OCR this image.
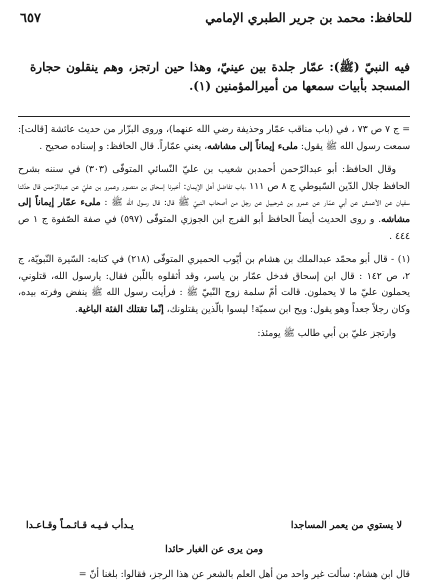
للحافظ: محمد بن جرير الطبري الإمامي
٦٥٧
فيه النبيّ (ﷺ): عمّار جلدة بين عينيّ، وهذا حين ارتجز، وهم ينقلون حجارة المسجد بأبيات سمعها من أميرالمؤمنين (١).

= ج ٧ ص ٧٣ ، في (باب مناقب عمّار وحذيفة رضي الله عنهما)، وروى البزّار من حديث عائشة [قالت]: سمعت رسول الله ﷺ يقول: ملىء إيماناً إلى مشاشه، يعني عمّاراً. قال الحافظ: و إسناده صحيح .

وقال الحافظ: أبو عبدالرّحمن أحمدبن شعيب بن عليّ النّسائي المتوفّى (٣٠٣) في سننه بشرح الحافظ جلال الدّين السّيوطي ج ٨ ص ١١١ ،باب تفاضل أهل الإيمان: أخبرنا إسحاق بن منصور وعمرو بن عليّ عن عبدالرّحمن قال حدّثنا سفيان عن الأعمش عن أبي عمّار عن عمرو بن شرحبيل عن رجل من أصحاب النبيّ ﷺ قال: قال رسول الله ﷺ : ملىء عمّار إيماناً إلى مشاشه. و روى الحديث أيضاً الحافظ أبو الفرج ابن الجوزي المتوفّى (٥٩٧) في صفة الصّفوة ج ١ ص ٤٤٤ .

(١) - قال أبو محمّد عبدالملك بن هشام بن أيّوب الحميري المتوفّى (٢١٨) في كتابه: السّيرة النّبويّة، ج ٢، ص ١٤٢ : قال ابن إسحاق فدخل عمّار بن ياسر، وقد أثقلوه باللّبن فقال: يارسول الله، قتلوني، يحملون عليّ ما لا يحملون. قالت أمّ سلمة زوج النّبيّ ﷺ : فرأيت رسول الله ﷺ ينفض وفرته بيده، وكان رجلاً جعداً وهو يقول: ويح ابن سميّة! ليسوا بالّذين يقتلونك، إنّما تقتلك الفئة الباغية.

وارتجز عليّ بن أبي طالب ﷺ يومئذ:

لا يستوي من يعمر المساجدا
يـدأب فـيـه قـائـمـاً وقـاعـدا
ومن يرى عن الغبار حائدا
قال ابن هشام: سألت غير واحد من أهل العلم بالشعر عن هذا الرجز، فقالوا: بلغنا أنّ =
